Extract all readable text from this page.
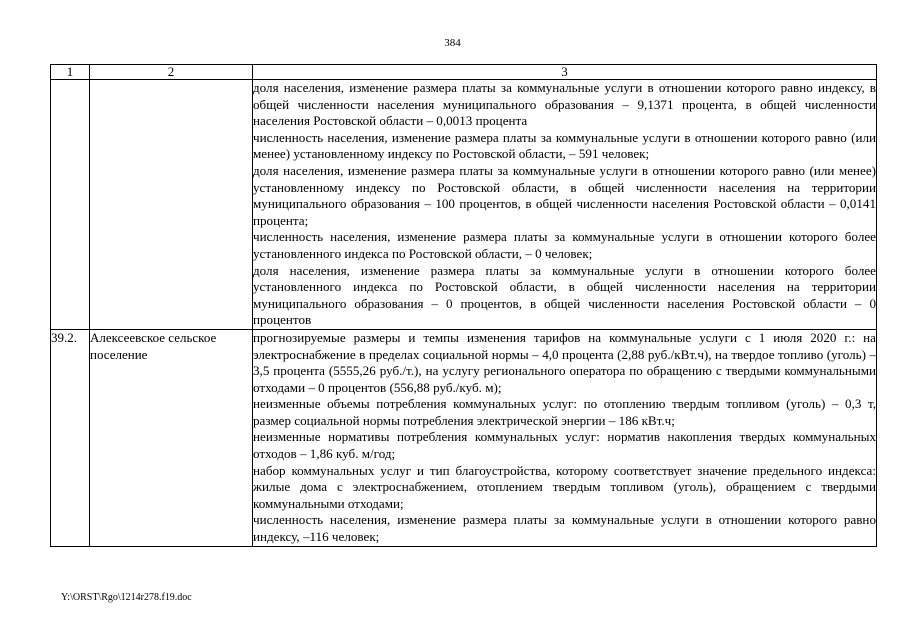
384
1	2	3

		доля населения, изменение размера платы за коммунальные услуги в отношении которого равно индексу, в общей численности населения муниципального образования – 9,1371 процента, в общей численности населения Ростовской области – 0,0013 процента

численность населения, изменение размера платы за коммунальные услуги в отношении которого равно (или менее) установленному индексу по Ростовской области, – 591 человек;

доля населения, изменение размера платы за коммунальные услуги в отношении которого равно (или менее) установленному индексу по Ростовской области, в общей численности населения на территории муниципального образования – 100 процентов, в общей численности населения Ростовской области – 0,0141 процента;

численность населения, изменение размера платы за коммунальные услуги в отношении которого более установленного индекса по Ростовской области, – 0 человек;

доля населения, изменение размера платы за коммунальные услуги в отношении которого более установленного индекса по Ростовской области, в общей численности населения на территории муниципального образования – 0 процентов, в общей численности населения Ростовской области – 0 процентов

39.2.	Алексеевское сельское поселение	прогнозируемые размеры и темпы изменения тарифов на коммунальные услуги с 1 июля 2020 г.: на электроснабжение в пределах социальной нормы – 4,0 процента (2,88 руб./кВт.ч), на твердое топливо (уголь) – 3,5 процента (5555,26 руб./т.), на услугу регионального оператора по обращению с твердыми коммунальными отходами – 0 процентов (556,88 руб./куб. м);

неизменные объемы потребления коммунальных услуг: по отоплению твердым топливом (уголь) – 0,3 т, размер социальной нормы потребления электрической энергии – 186 кВт.ч;

неизменные нормативы потребления коммунальных услуг: норматив накопления твердых коммунальных отходов – 1,86 куб. м/год;

набор коммунальных услуг и тип благоустройства, которому соответствует значение предельного индекса: жилые дома с электроснабжением, отоплением твердым топливом (уголь), обращением с твердыми коммунальными отходами;

численность населения, изменение размера платы за коммунальные услуги в отношении которого равно индексу, –116 человек;

Y:\ORST\Rgo\1214r278.f19.doc
